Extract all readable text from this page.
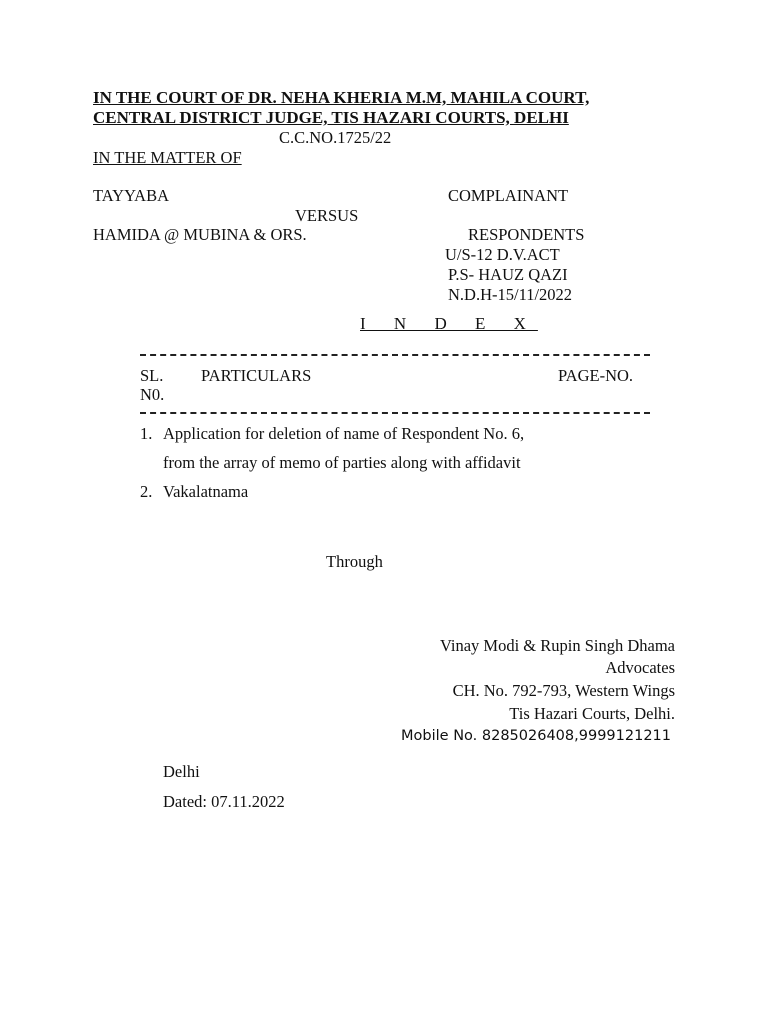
IN THE COURT OF DR. NEHA KHERIA M.M, MAHILA COURT,
CENTRAL DISTRICT JUDGE, TIS HAZARI COURTS, DELHI
C.C.NO.1725/22
IN THE MATTER OF
TAYYABA	COMPLAINANT
VERSUS
HAMIDA @ MUBINA & ORS.	RESPONDENTS
U/S-12 D.V.ACT
P.S- HAUZ QAZI
N.D.H-15/11/2022
I N D E X
SL.
N0.
PARTICULARS	PAGE-NO.
1. Application for deletion of name of Respondent No. 6,
from the array of memo of parties along with affidavit
2. Vakalatnama
Through
Vinay Modi & Rupin Singh Dhama
Advocates
CH. No. 792-793, Western Wings
Tis Hazari Courts, Delhi.
Mobile No. 8285026408,9999121211
Delhi
Dated: 07.11.2022
